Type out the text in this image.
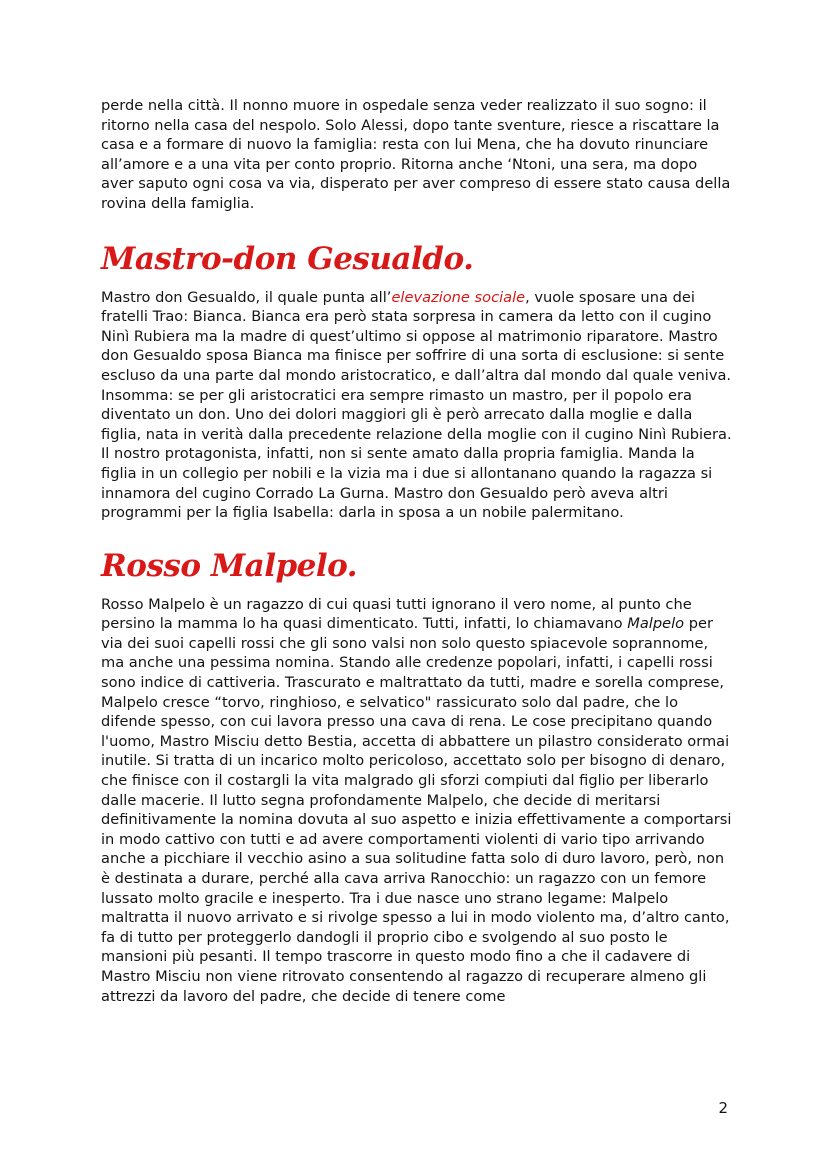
perde nella città. Il nonno muore in ospedale senza veder realizzato il suo sogno: il ritorno nella casa del nespolo. Solo Alessi, dopo tante sventure, riesce a riscattare la casa e a formare di nuovo la famiglia: resta con lui Mena, che ha dovuto rinunciare all’amore e a una vita per conto proprio. Ritorna anche ‘Ntoni, una sera, ma dopo aver saputo ogni cosa va via, disperato per aver compreso di essere stato causa della rovina della famiglia.

Mastro-don Gesualdo.

Mastro don Gesualdo, il quale punta all’elevazione sociale, vuole sposare una dei fratelli Trao: Bianca. Bianca era però stata sorpresa in camera da letto con il cugino Ninì Rubiera ma la madre di quest’ultimo si oppose al matrimonio riparatore. Mastro don Gesualdo sposa Bianca ma finisce per soffrire di una sorta di esclusione: si sente escluso da una parte dal mondo aristocratico, e dall’altra dal mondo dal quale veniva. Insomma: se per gli aristocratici era sempre rimasto un mastro, per il popolo era diventato un don. Uno dei dolori maggiori gli è però arrecato dalla moglie e dalla figlia, nata in verità dalla precedente relazione della moglie con il cugino Ninì Rubiera. Il nostro protagonista, infatti, non si sente amato dalla propria famiglia. Manda la figlia in un collegio per nobili e la vizia ma i due si allontanano quando la ragazza si innamora del cugino Corrado La Gurna. Mastro don Gesualdo però aveva altri programmi per la figlia Isabella: darla in sposa a un nobile palermitano.

Rosso Malpelo.

Rosso Malpelo è un ragazzo di cui quasi tutti ignorano il vero nome, al punto che persino la mamma lo ha quasi dimenticato. Tutti, infatti, lo chiamavano Malpelo per via dei suoi capelli rossi che gli sono valsi non solo questo spiacevole soprannome, ma anche una pessima nomina. Stando alle credenze popolari, infatti, i capelli rossi sono indice di cattiveria. Trascurato e maltrattato da tutti, madre e sorella comprese, Malpelo cresce “torvo, ringhioso, e selvatico" rassicurato solo dal padre, che lo difende spesso, con cui lavora presso una cava di rena. Le cose precipitano quando l'uomo, Mastro Misciu detto Bestia, accetta di abbattere un pilastro considerato ormai inutile. Si tratta di un incarico molto pericoloso, accettato solo per bisogno di denaro, che finisce con il costargli la vita malgrado gli sforzi compiuti dal figlio per liberarlo dalle macerie. Il lutto segna profondamente Malpelo, che decide di meritarsi definitivamente la nomina dovuta al suo aspetto e inizia effettivamente a comportarsi in modo cattivo con tutti e ad avere comportamenti violenti di vario tipo arrivando anche a picchiare il vecchio asino a sua solitudine fatta solo di duro lavoro, però, non è destinata a durare, perché alla cava arriva Ranocchio: un ragazzo con un femore lussato molto gracile e inesperto. Tra i due nasce uno strano legame: Malpelo maltratta il nuovo arrivato e si rivolge spesso a lui in modo violento ma, d’altro canto, fa di tutto per proteggerlo dandogli il proprio cibo e svolgendo al suo posto le mansioni più pesanti. Il tempo trascorre in questo modo fino a che il cadavere di Mastro Misciu non viene ritrovato consentendo al ragazzo di recuperare almeno gli attrezzi da lavoro del padre, che decide di tenere come

2
